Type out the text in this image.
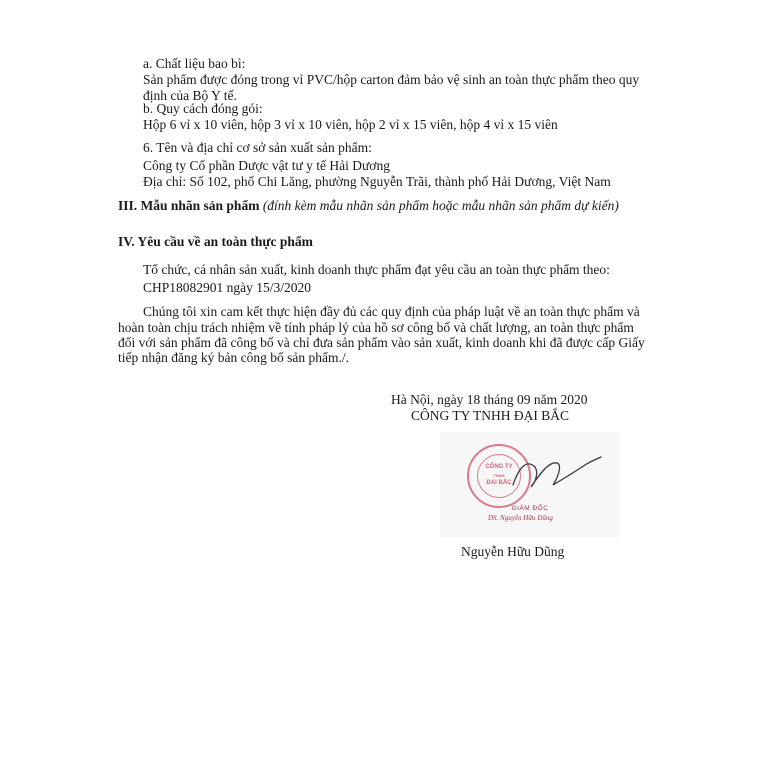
a. Chất liệu bao bì:
Sản phẩm được đóng trong vỉ PVC/hộp carton đảm bảo vệ sinh an toàn thực phẩm theo quy
định của Bộ Y tế.
b. Quy cách đóng gói:
Hộp 6 vỉ x 10 viên, hộp 3 vỉ x 10 viên, hộp 2 vỉ x 15 viên, hộp 4 vỉ x 15 viên
6. Tên và địa chỉ cơ sở sản xuất sản phẩm:
Công ty Cổ phần Dược vật tư y tế Hải Dương
Địa chỉ: Số 102, phố Chi Lăng, phường Nguyễn Trãi, thành phố Hải Dương, Việt Nam
III. Mẫu nhãn sản phẩm (đính kèm mẫu nhãn sản phẩm hoặc mẫu nhãn sản phẩm dự kiến)
IV. Yêu cầu về an toàn thực phẩm
Tổ chức, cá nhân sản xuất, kinh doanh thực phẩm đạt yêu cầu an toàn thực phẩm theo:
CHP18082901 ngày 15/3/2020
Chúng tôi xin cam kết thực hiện đầy đủ các quy định của pháp luật về an toàn thực phẩm và
hoàn toàn chịu trách nhiệm về tính pháp lý của hồ sơ công bố và chất lượng, an toàn thực phẩm
đối với sản phẩm đã công bố và chỉ đưa sản phẩm vào sản xuất, kinh doanh khi đã được cấp Giấy
tiếp nhận đăng ký bản công bố sản phẩm./.
Hà Nội, ngày 18 tháng 09 năm 2020
CÔNG TY TNHH ĐẠI BẮC
CÔNG TY
TNHH
ĐẠI BẮC
GIÁM ĐỐC
DS. Nguyễn Hữu Dũng
Nguyễn Hữu Dũng
